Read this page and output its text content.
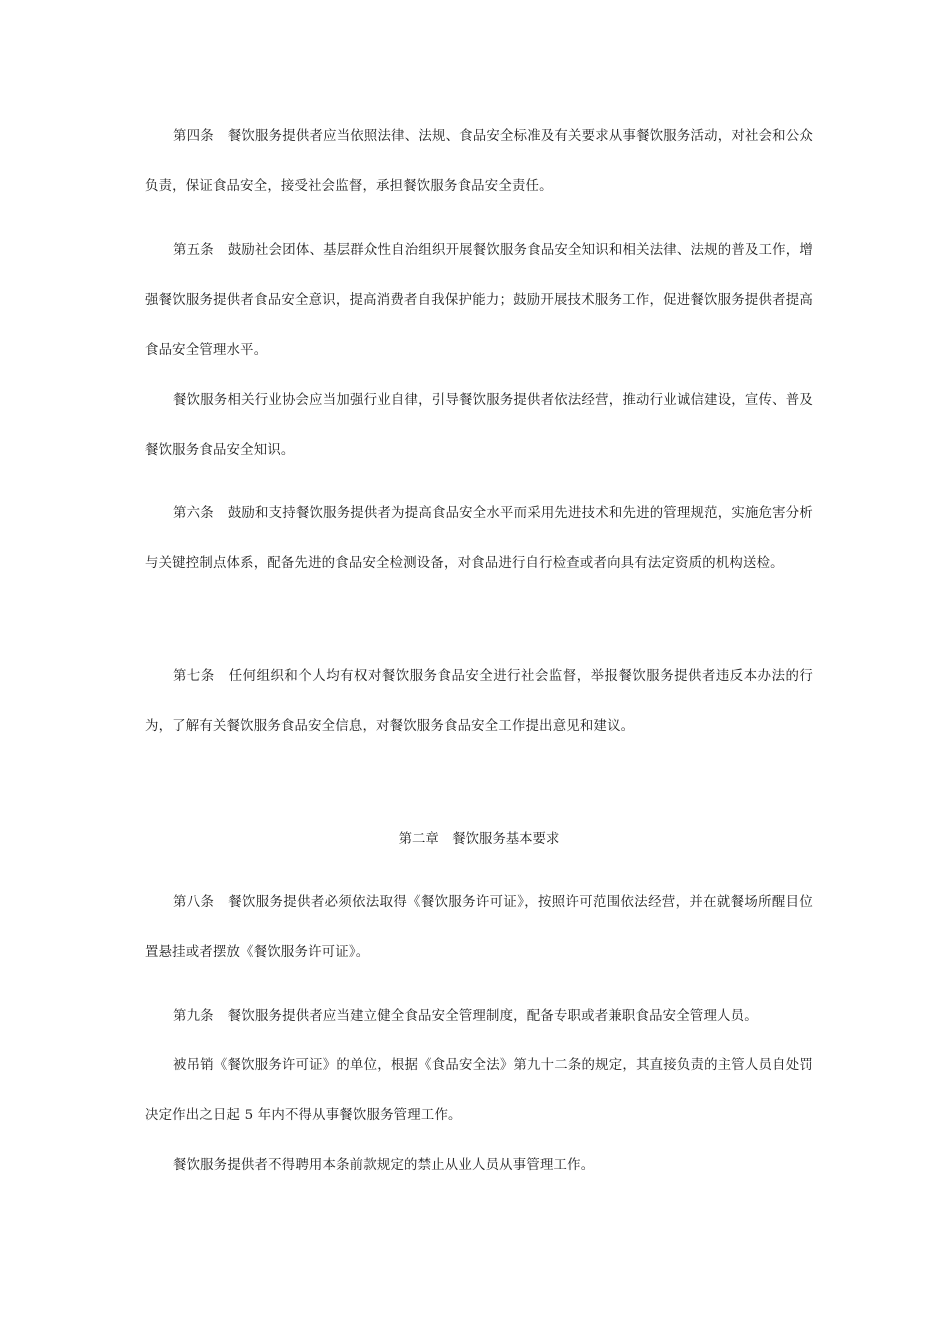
第四条 餐饮服务提供者应当依照法律、法规、食品安全标准及有关要求从事餐饮服务活动，对社会和公众负责，保证食品安全，接受社会监督，承担餐饮服务食品安全责任。

第五条 鼓励社会团体、基层群众性自治组织开展餐饮服务食品安全知识和相关法律、法规的普及工作，增强餐饮服务提供者食品安全意识，提高消费者自我保护能力；鼓励开展技术服务工作，促进餐饮服务提供者提高食品安全管理水平。

餐饮服务相关行业协会应当加强行业自律，引导餐饮服务提供者依法经营，推动行业诚信建设，宣传、普及餐饮服务食品安全知识。

第六条 鼓励和支持餐饮服务提供者为提高食品安全水平而采用先进技术和先进的管理规范，实施危害分析与关键控制点体系，配备先进的食品安全检测设备，对食品进行自行检查或者向具有法定资质的机构送检。

第七条 任何组织和个人均有权对餐饮服务食品安全进行社会监督，举报餐饮服务提供者违反本办法的行为，了解有关餐饮服务食品安全信息，对餐饮服务食品安全工作提出意见和建议。

第二章　餐饮服务基本要求

第八条 餐饮服务提供者必须依法取得《餐饮服务许可证》，按照许可范围依法经营，并在就餐场所醒目位置悬挂或者摆放《餐饮服务许可证》。

第九条 餐饮服务提供者应当建立健全食品安全管理制度，配备专职或者兼职食品安全管理人员。

被吊销《餐饮服务许可证》的单位，根据《食品安全法》第九十二条的规定，其直接负责的主管人员自处罚决定作出之日起 5 年内不得从事餐饮服务管理工作。

餐饮服务提供者不得聘用本条前款规定的禁止从业人员从事管理工作。
